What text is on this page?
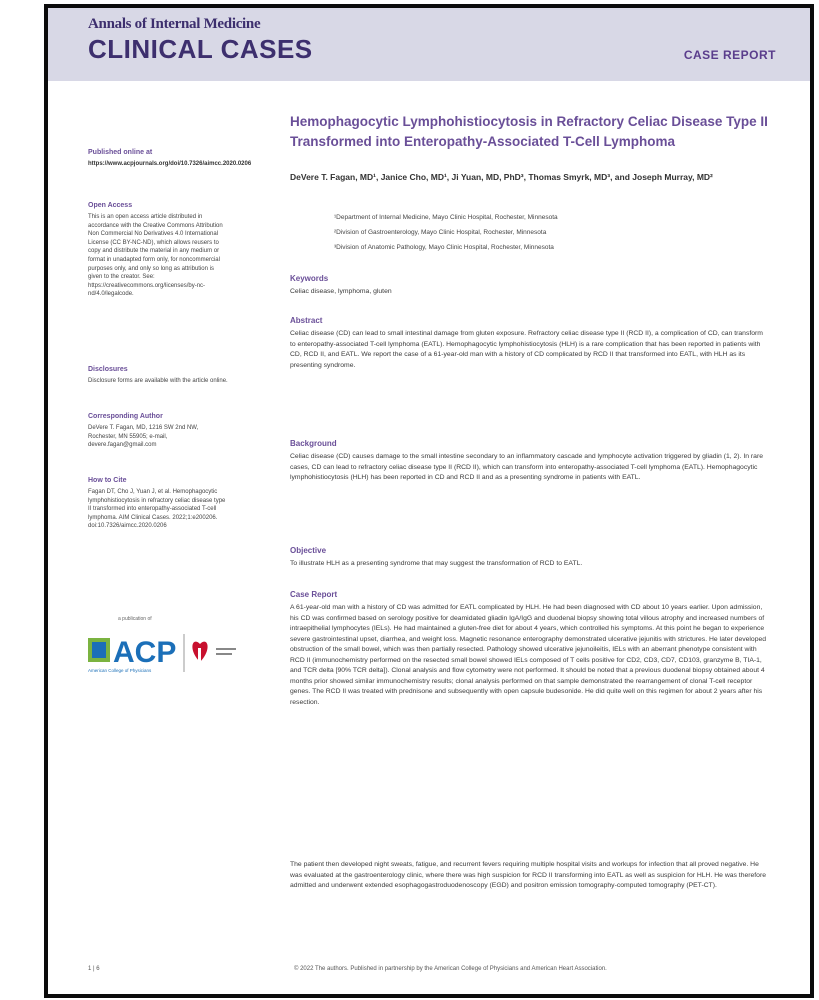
Annals of Internal Medicine
CLINICAL CASES	CASE REPORT
Published online at
https://www.acpjournals.org/doi/10.7326/aimcc.2020.0206
Open Access
This is an open access article distributed in accordance with the Creative Commons Attribution Non Commercial No Derivatives 4.0 International License (CC BY-NC-ND), which allows reusers to copy and distribute the material in any medium or format in unadapted form only, for noncommercial purposes only, and only so long as attribution is given to the creator. See: https://creativecommons.org/licenses/by-nc-nd/4.0/legalcode.
Disclosures
Disclosure forms are available with the article online.
Corresponding Author
DeVere T. Fagan, MD, 1216 SW 2nd NW, Rochester, MN 55905; e-mail, devere.fagan@gmail.com
How to Cite
Fagan DT, Cho J, Yuan J, et al. Hemophagocytic lymphohistiocytosis in refractory celiac disease type II transformed into enteropathy-associated T-cell lymphoma. AIM Clinical Cases. 2022;1:e200206. doi:10.7326/aimcc.2020.0206
a publication of
ACP
American College of Physicians
Hemophagocytic Lymphohistiocytosis in Refractory Celiac Disease Type II Transformed into Enteropathy-Associated T-Cell Lymphoma
DeVere T. Fagan, MD¹, Janice Cho, MD¹, Ji Yuan, MD, PhD³, Thomas Smyrk, MD³, and Joseph Murray, MD²
¹Department of Internal Medicine, Mayo Clinic Hospital, Rochester, Minnesota
²Division of Gastroenterology, Mayo Clinic Hospital, Rochester, Minnesota
³Division of Anatomic Pathology, Mayo Clinic Hospital, Rochester, Minnesota
Keywords
Celiac disease, lymphoma, gluten
Abstract
Celiac disease (CD) can lead to small intestinal damage from gluten exposure. Refractory celiac disease type II (RCD II), a complication of CD, can transform to enteropathy-associated T-cell lymphoma (EATL). Hemophagocytic lymphohistiocytosis (HLH) is a rare complication that has been reported in patients with CD, RCD II, and EATL. We report the case of a 61-year-old man with a history of CD complicated by RCD II that transformed into EATL, with HLH as its presenting syndrome.
Background
Celiac disease (CD) causes damage to the small intestine secondary to an inflammatory cascade and lymphocyte activation triggered by gliadin (1, 2). In rare cases, CD can lead to refractory celiac disease type II (RCD II), which can transform into enteropathy-associated T-cell lymphoma (EATL). Hemophagocytic lymphohistiocytosis (HLH) has been reported in CD and RCD II and as a presenting syndrome in patients with EATL.
Objective
To illustrate HLH as a presenting syndrome that may suggest the transformation of RCD to EATL.
Case Report
A 61-year-old man with a history of CD was admitted for EATL complicated by HLH. He had been diagnosed with CD about 10 years earlier. Upon admission, his CD was confirmed based on serology positive for deamidated gliadin IgA/IgG and duodenal biopsy showing total villous atrophy and increased numbers of intraepithelial lymphocytes (IELs). He had maintained a gluten-free diet for about 4 years, which controlled his symptoms. At this point he began to experience severe gastrointestinal upset, diarrhea, and weight loss. Magnetic resonance enterography demonstrated ulcerative jejunitis with strictures. He later developed obstruction of the small bowel, which was then partially resected. Pathology showed ulcerative jejunoileitis, IELs with an aberrant phenotype consistent with RCD II (immunochemistry performed on the resected small bowel showed IELs composed of T cells positive for CD2, CD3, CD7, CD103, granzyme B, TIA-1, and TCR delta [90% TCR delta]). Clonal analysis and flow cytometry were not performed. It should be noted that a previous duodenal biopsy obtained about 4 months prior showed similar immunochemistry results; clonal analysis performed on that sample demonstrated the rearrangement of clonal T-cell receptor genes. The RCD II was treated with prednisone and subsequently with open capsule budesonide. He did quite well on this regimen for about 2 years after his resection.
The patient then developed night sweats, fatigue, and recurrent fevers requiring multiple hospital visits and workups for infection that all proved negative. He was evaluated at the gastroenterology clinic, where there was high suspicion for RCD II transforming into EATL as well as suspicion for HLH. He was therefore admitted and underwent extended esophagogastroduodenoscopy (EGD) and positron emission tomography-computed tomography (PET-CT).
1 | 6	© 2022 The authors. Published in partnership by the American College of Physicians and American Heart Association.
